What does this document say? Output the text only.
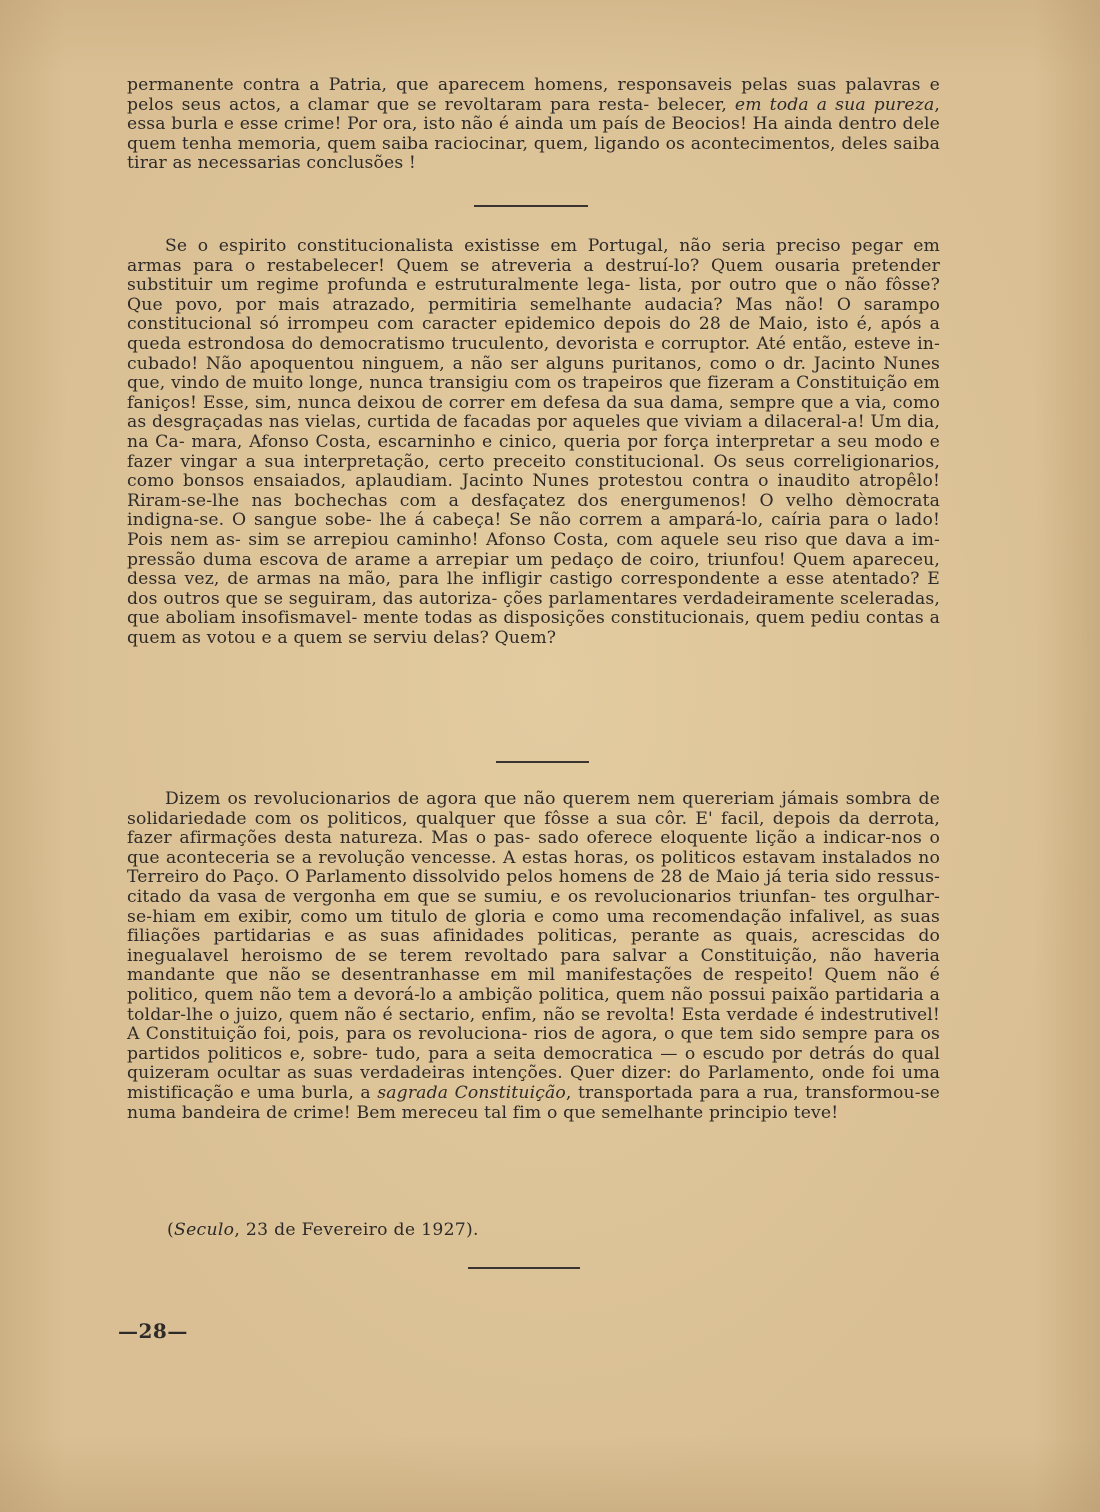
permanente contra a Patria, que aparecem homens, responsaveis pelas suas palavras e pelos seus actos, a clamar que se revoltaram para resta- belecer, em toda a sua pureza, essa burla e esse crime! Por ora, isto não é ainda um país de Beocios! Ha ainda dentro dele quem tenha memoria, quem saiba raciocinar, quem, ligando os acontecimentos, deles saiba tirar as necessarias conclusões !
Se o espirito constitucionalista existisse em Portugal, não seria preciso pegar em armas para o restabelecer! Quem se atreveria a destruí-lo? Quem ousaria pretender substituir um regime profunda e estruturalmente lega- lista, por outro que o não fôsse? Que povo, por mais atrazado, permitiria semelhante audacia? Mas não! O sarampo constitucional só irrompeu com caracter epidemico depois do 28 de Maio, isto é, após a queda estrondosa do democratismo truculento, devorista e corruptor. Até então, esteve in- cubado! Não apoquentou ninguem, a não ser alguns puritanos, como o dr. Jacinto Nunes que, vindo de muito longe, nunca transigiu com os trapeiros que fizeram a Constituição em faniços! Esse, sim, nunca deixou de correr em defesa da sua dama, sempre que a via, como as desgraçadas nas vielas, curtida de facadas por aqueles que viviam a dilaceral-a! Um dia, na Ca- mara, Afonso Costa, escarninho e cinico, queria por força interpretar a seu modo e fazer vingar a sua interpretação, certo preceito constitucional. Os seus correligionarios, como bonsos ensaiados, aplaudiam. Jacinto Nunes protestou contra o inaudito atropêlo! Riram-se-lhe nas bochechas com a desfaçatez dos energumenos! O velho dèmocrata indigna-se. O sangue sobe- lhe á cabeça! Se não correm a ampará-lo, caíria para o lado! Pois nem as- sim se arrepiou caminho! Afonso Costa, com aquele seu riso que dava a im- pressão duma escova de arame a arrepiar um pedaço de coiro, triunfou! Quem apareceu, dessa vez, de armas na mão, para lhe infligir castigo correspondente a esse atentado? E dos outros que se seguiram, das autoriza- ções parlamentares verdadeiramente sceleradas, que aboliam insofismavel- mente todas as disposições constitucionais, quem pediu contas a quem as votou e a quem se serviu delas? Quem?
Dizem os revolucionarios de agora que não querem nem quereriam jámais sombra de solidariedade com os politicos, qualquer que fôsse a sua côr. E' facil, depois da derrota, fazer afirmações desta natureza. Mas o pas- sado oferece eloquente lição a indicar-nos o que aconteceria se a revolução vencesse. A estas horas, os politicos estavam instalados no Terreiro do Paço. O Parlamento dissolvido pelos homens de 28 de Maio já teria sido ressus- citado da vasa de vergonha em que se sumiu, e os revolucionarios triunfan- tes orgulhar-se-hiam em exibir, como um titulo de gloria e como uma recomendação infalivel, as suas filiações partidarias e as suas afinidades politicas, perante as quais, acrescidas do inegualavel heroismo de se terem revoltado para salvar a Constituição, não haveria mandante que não se desentranhasse em mil manifestações de respeito! Quem não é politico, quem não tem a devorá-lo a ambição politica, quem não possui paixão partidaria a toldar-lhe o juizo, quem não é sectario, enfim, não se revolta! Esta verdade é indestrutivel! A Constituição foi, pois, para os revoluciona- rios de agora, o que tem sido sempre para os partidos politicos e, sobre- tudo, para a seita democratica — o escudo por detrás do qual quizeram ocultar as suas verdadeiras intenções. Quer dizer: do Parlamento, onde foi uma mistificação e uma burla, a sagrada Constituição, transportada para a rua, transformou-se numa bandeira de crime! Bem mereceu tal fim o que semelhante principio teve!
(Seculo, 23 de Fevereiro de 1927).
—28—
